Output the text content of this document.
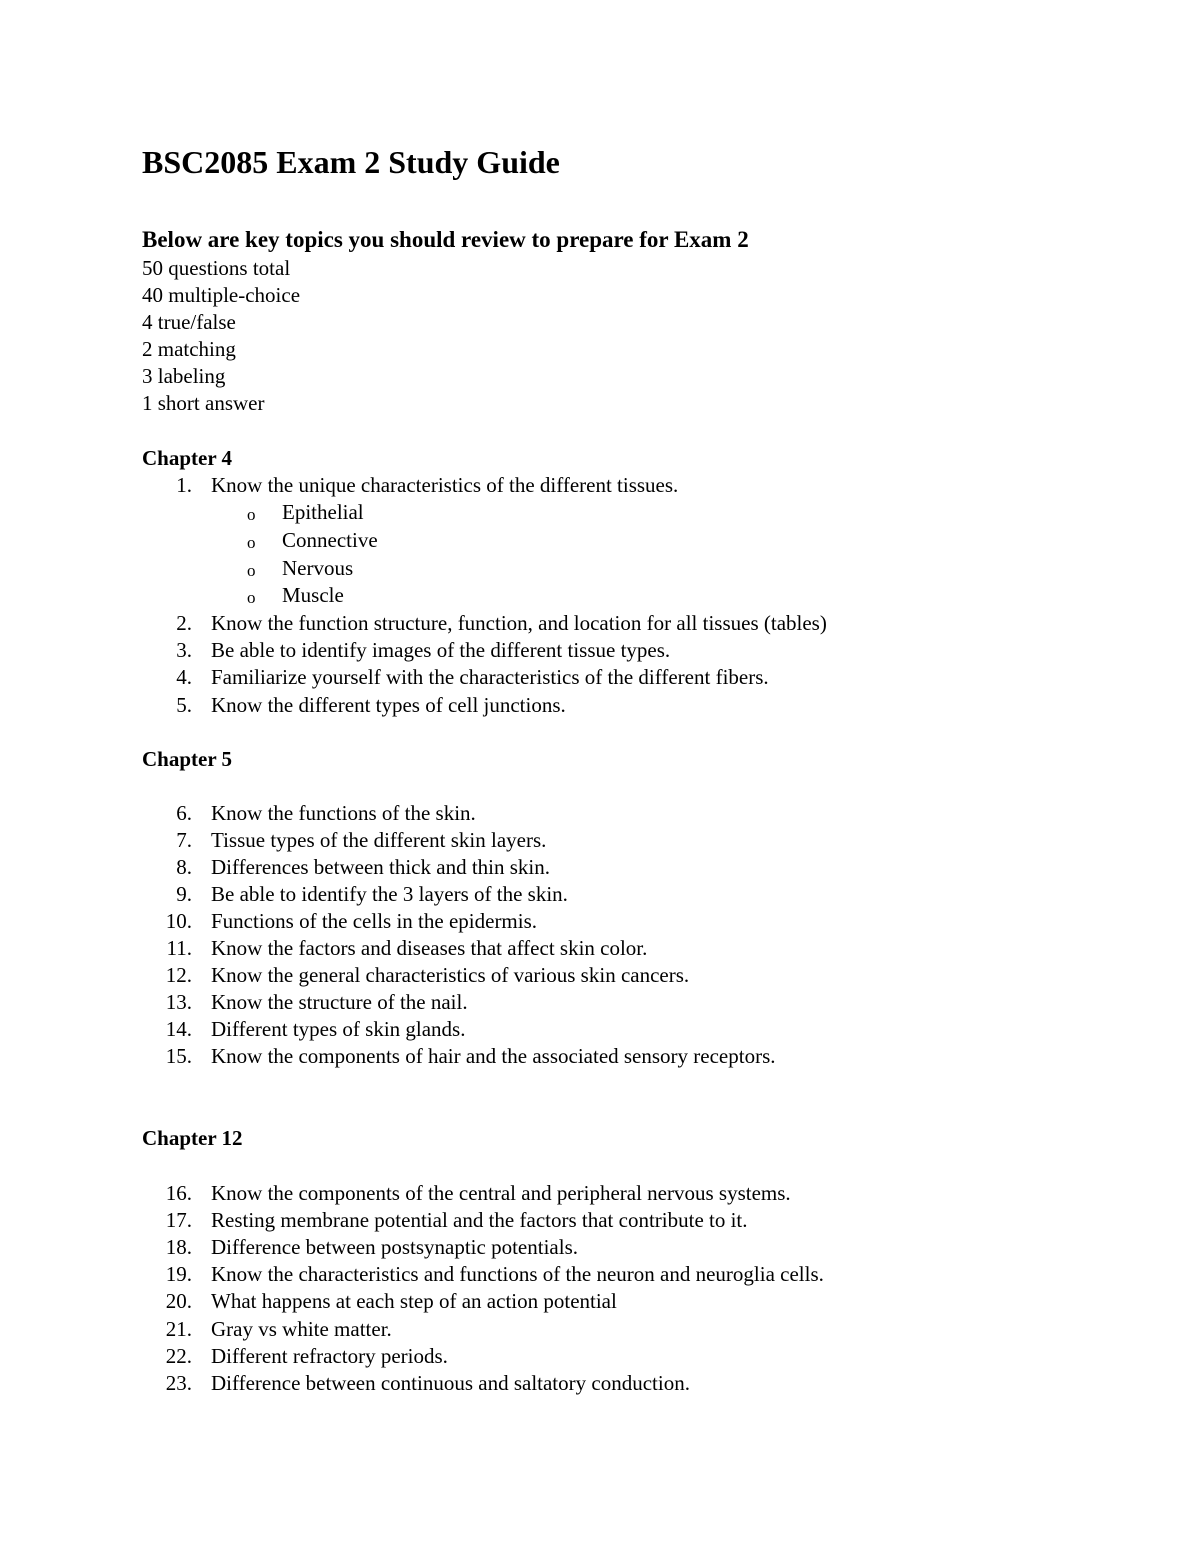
BSC2085 Exam 2 Study Guide
Below are key topics you should review to prepare for Exam 2
50 questions total
40 multiple-choice
4 true/false
2 matching
3 labeling
1 short answer
Chapter 4
1. Know the unique characteristics of the different tissues.
o Epithelial
o Connective
o Nervous
o Muscle
2. Know the function structure, function, and location for all tissues (tables)
3. Be able to identify images of the different tissue types.
4. Familiarize yourself with the characteristics of the different fibers.
5. Know the different types of cell junctions.
Chapter 5
6. Know the functions of the skin.
7. Tissue types of the different skin layers.
8. Differences between thick and thin skin.
9. Be able to identify the 3 layers of the skin.
10. Functions of the cells in the epidermis.
11. Know the factors and diseases that affect skin color.
12. Know the general characteristics of various skin cancers.
13. Know the structure of the nail.
14. Different types of skin glands.
15. Know the components of hair and the associated sensory receptors.
Chapter 12
16. Know the components of the central and peripheral nervous systems.
17. Resting membrane potential and the factors that contribute to it.
18. Difference between postsynaptic potentials.
19. Know the characteristics and functions of the neuron and neuroglia cells.
20. What happens at each step of an action potential
21. Gray vs white matter.
22. Different refractory periods.
23. Difference between continuous and saltatory conduction.
